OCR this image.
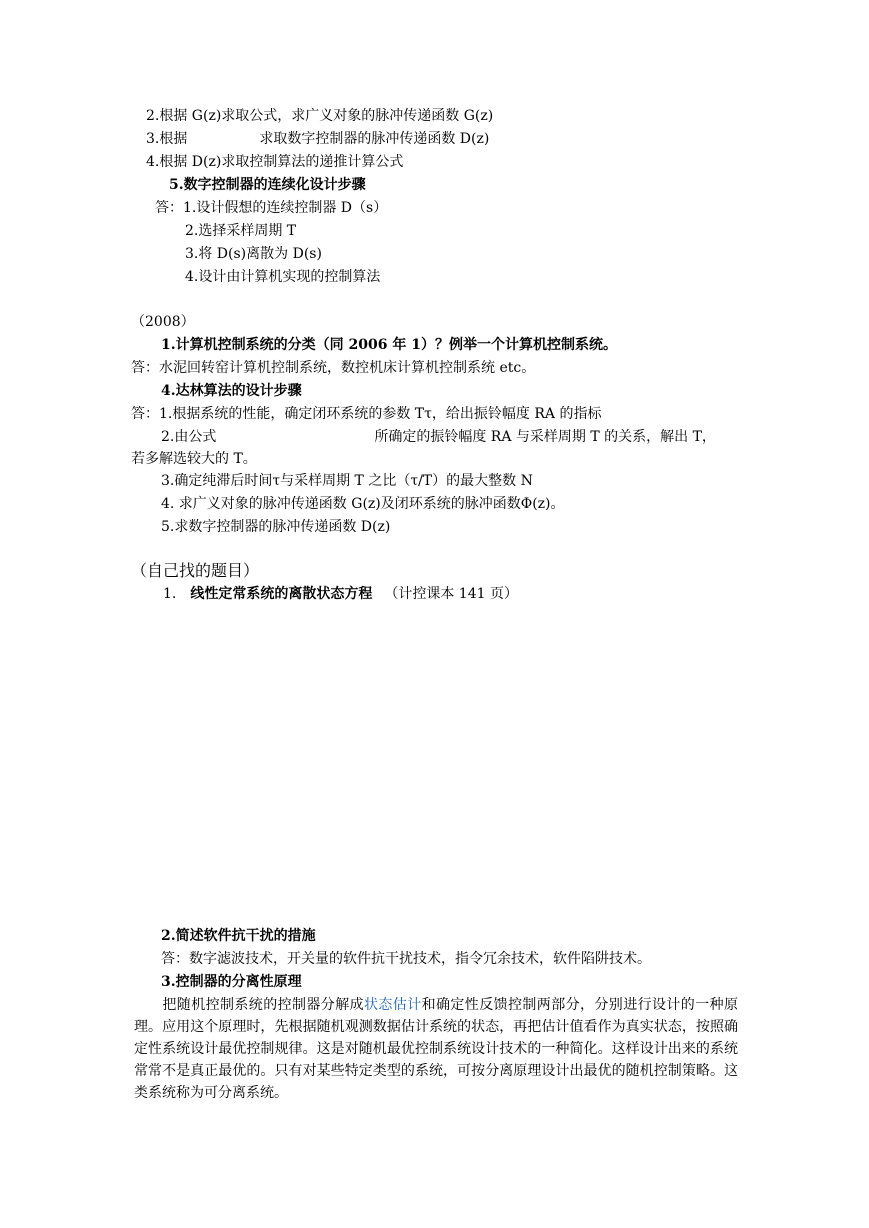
2.根据 G(z)求取公式，求广义对象的脉冲传递函数 G(z)
3.根据	求取数字控制器的脉冲传递函数 D(z)
4.根据 D(z)求取控制算法的递推计算公式
5.数字控制器的连续化设计步骤
答：1.设计假想的连续控制器 D（s）
2.选择采样周期 T
3.将 D(s)离散为 D(s)
4.设计由计算机实现的控制算法
（2008）
1.计算机控制系统的分类（同 2006 年 1）？例举一个计算机控制系统。
答：水泥回转窑计算机控制系统，数控机床计算机控制系统 etc。
4.达林算法的设计步骤
答：1.根据系统的性能，确定闭环系统的参数 Tτ，给出振铃幅度 RA 的指标
2.由公式	所确定的振铃幅度 RA 与采样周期 T 的关系，解出 T，
若多解选较大的 T。
3.确定纯滞后时间τ与采样周期 T 之比（τ/T）的最大整数 N
4. 求广义对象的脉冲传递函数 G(z)及闭环系统的脉冲函数Φ(z)。
5.求数字控制器的脉冲传递函数 D(z)
（自己找的题目）
1. 线性定常系统的离散状态方程 （计控课本 141 页）
2.简述软件抗干扰的措施
答：数字滤波技术，开关量的软件抗干扰技术，指令冗余技术，软件陷阱技术。
3.控制器的分离性原理
把随机控制系统的控制器分解成状态估计和确定性反馈控制两部分，分别进行设计的一种原理。应用这个原理时，先根据随机观测数据估计系统的状态，再把估计值看作为真实状态，按照确定性系统设计最优控制规律。这是对随机最优控制系统设计技术的一种简化。这样设计出来的系统常常不是真正最优的。只有对某些特定类型的系统，可按分离原理设计出最优的随机控制策略。这类系统称为可分离系统。
